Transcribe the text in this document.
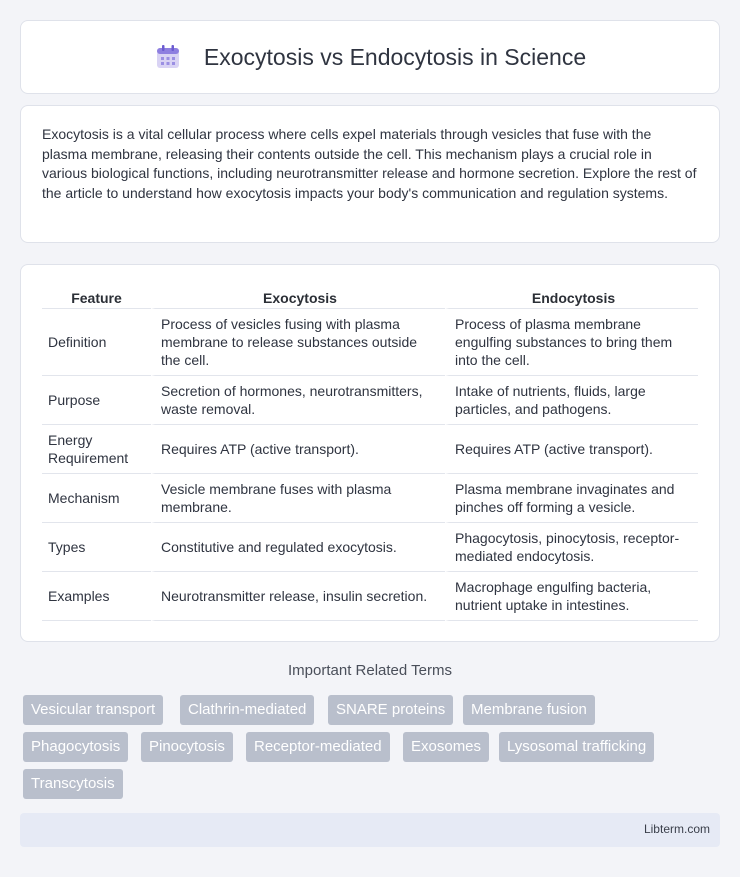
Exocytosis vs Endocytosis in Science

Exocytosis is a vital cellular process where cells expel materials through vesicles that fuse with the plasma membrane, releasing their contents outside the cell. This mechanism plays a crucial role in various biological functions, including neurotransmitter release and hormone secretion. Explore the rest of the article to understand how exocytosis impacts your body's communication and regulation systems.

Feature	Exocytosis	Endocytosis
Definition	Process of vesicles fusing with plasma membrane to release substances outside the cell.	Process of plasma membrane engulfing substances to bring them into the cell.
Purpose	Secretion of hormones, neurotransmitters, waste removal.	Intake of nutrients, fluids, large particles, and pathogens.
Energy Requirement	Requires ATP (active transport).	Requires ATP (active transport).
Mechanism	Vesicle membrane fuses with plasma membrane.	Plasma membrane invaginates and pinches off forming a vesicle.
Types	Constitutive and regulated exocytosis.	Phagocytosis, pinocytosis, receptor-mediated endocytosis.
Examples	Neurotransmitter release, insulin secretion.	Macrophage engulfing bacteria, nutrient uptake in intestines.
Important Related Terms
Vesicular transport	Clathrin-mediated	SNARE proteins	Membrane fusion
Phagocytosis	Pinocytosis	Receptor-mediated	Exosomes	Lysosomal trafficking
Transcytosis
Libterm.com
